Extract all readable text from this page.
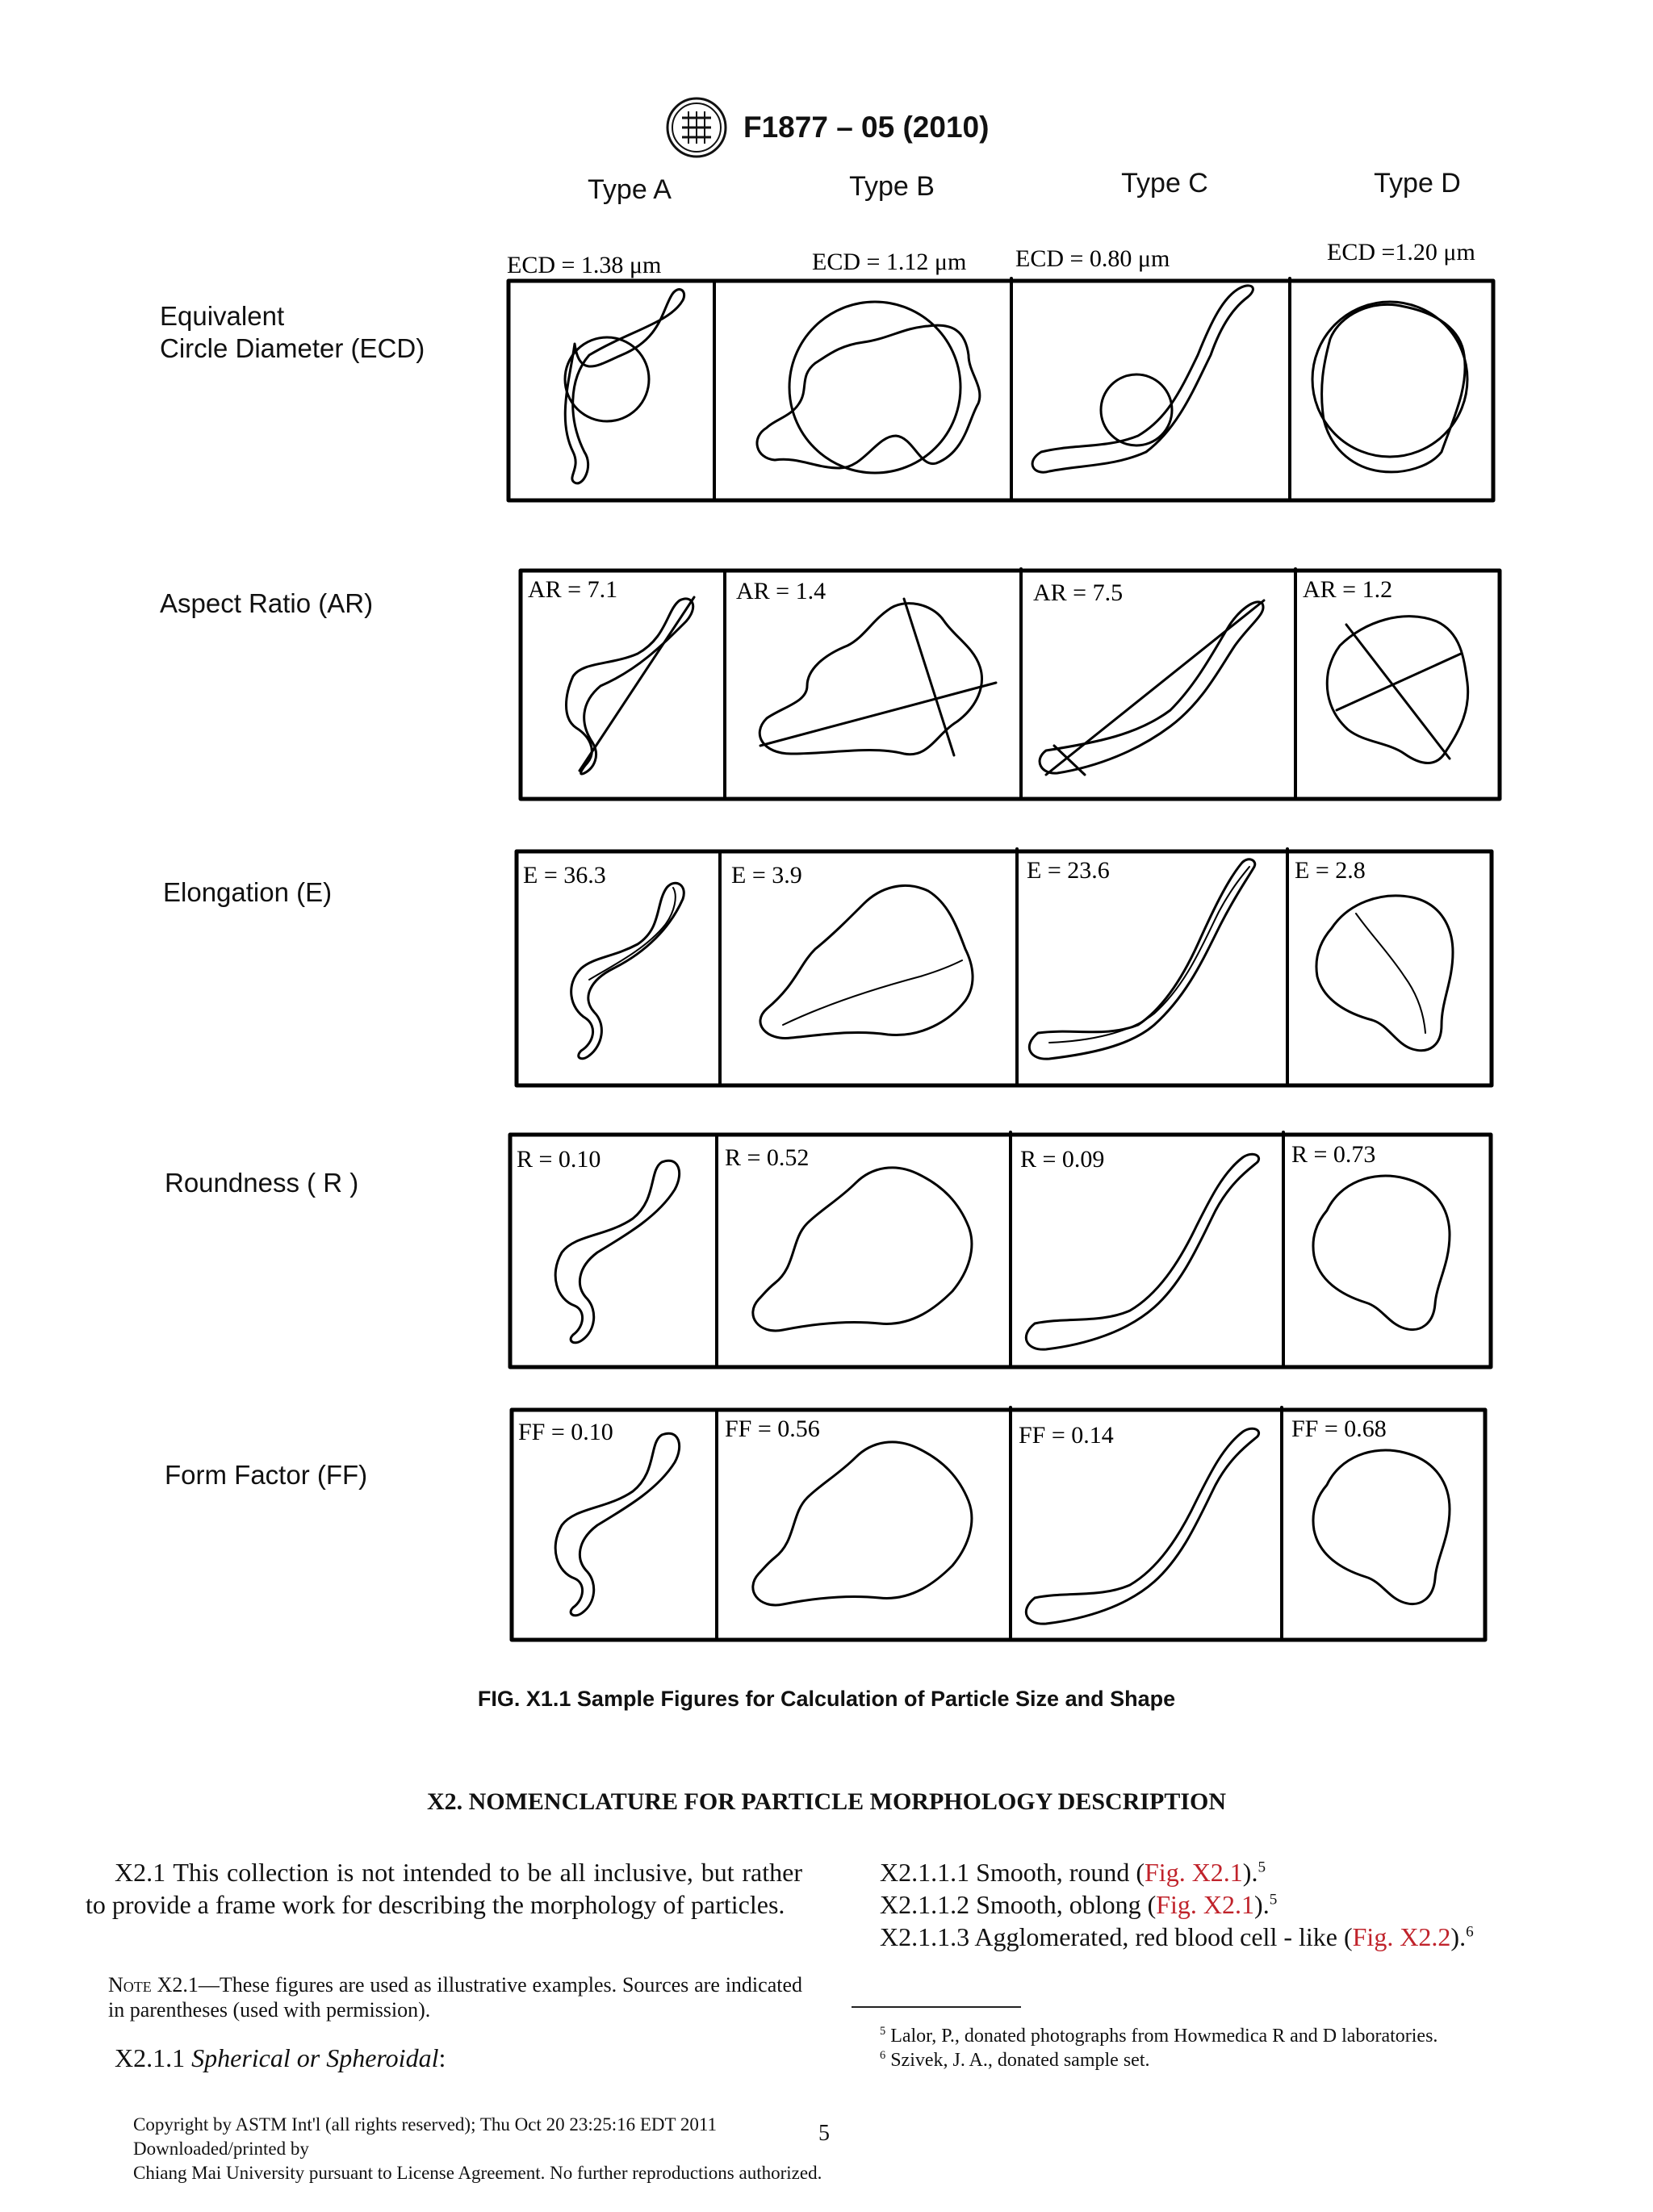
F1877 – 05 (2010)
Type A	Type B	Type C	Type D
Equivalent
Circle Diameter (ECD)
Aspect Ratio (AR)
Elongation (E)
Roundness ( R )
Form Factor (FF)
ECD = 1.38 μm	ECD = 1.12 μm ECD = 0.80 μm	ECD =1.20 μm
AR = 7.1	AR = 1.4	AR = 7.5	AR = 1.2
E = 36.3	E = 3.9	E = 23.6	E = 2.8
R = 0.10	R = 0.52	R = 0.09	R = 0.73
FF = 0.10	FF = 0.56	FF = 0.14	FF = 0.68
FIG. X1.1 Sample Figures for Calculation of Particle Size and Shape
X2. NOMENCLATURE FOR PARTICLE MORPHOLOGY DESCRIPTION
X2.1 This collection is not intended to be all inclusive, but rather to provide a frame work for describing the morphology of particles.
Note X2.1—These figures are used as illustrative examples. Sources are indicated in parentheses (used with permission).
X2.1.1 Spherical or Spheroidal:
X2.1.1.1 Smooth, round (Fig. X2.1).$^5$
X2.1.1.2 Smooth, oblong (Fig. X2.1).$^5$
X2.1.1.3 Agglomerated, red blood cell - like (Fig. X2.2).$^6$
$^5$ Lalor, P., donated photographs from Howmedica R and D laboratories.
$^6$ Szivek, J. A., donated sample set.
Copyright by ASTM Int'l (all rights reserved); Thu Oct 20 23:25:16 EDT 2011
Downloaded/printed by
Chiang Mai University pursuant to License Agreement. No further reproductions authorized.
5
